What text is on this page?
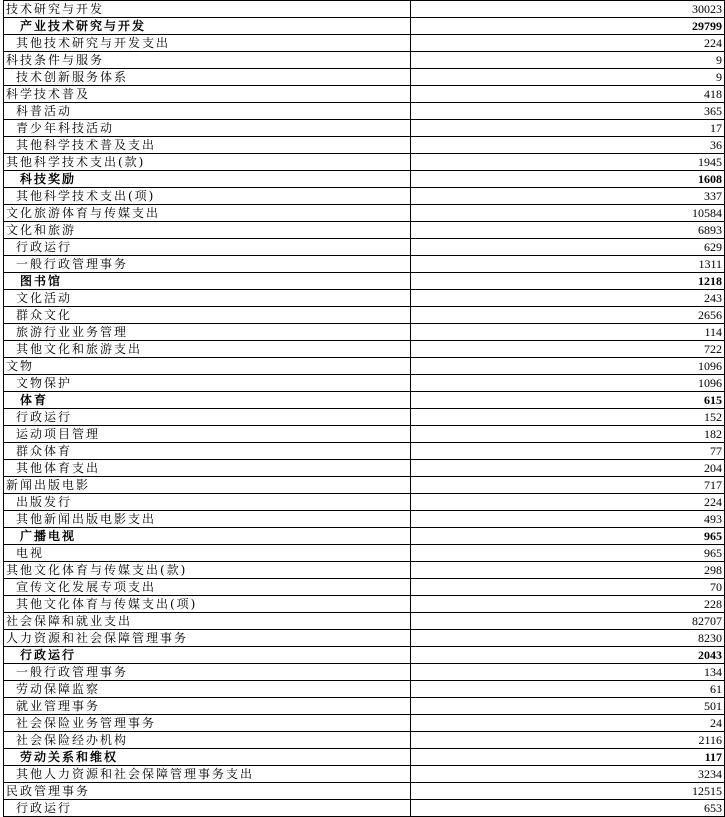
技术研究与开发	30023
产业技术研究与开发	29799
其他技术研究与开发支出	224
科技条件与服务	9
技术创新服务体系	9
科学技术普及	418
科普活动	365
青少年科技活动	17
其他科学技术普及支出	36
其他科学技术支出(款)	1945
科技奖励	1608
其他科学技术支出(项)	337
文化旅游体育与传媒支出	10584
文化和旅游	6893
行政运行	629
一般行政管理事务	1311
图书馆	1218
文化活动	243
群众文化	2656
旅游行业业务管理	114
其他文化和旅游支出	722
文物	1096
文物保护	1096
体育	615
行政运行	152
运动项目管理	182
群众体育	77
其他体育支出	204
新闻出版电影	717
出版发行	224
其他新闻出版电影支出	493
广播电视	965
电视	965
其他文化体育与传媒支出(款)	298
宣传文化发展专项支出	70
其他文化体育与传媒支出(项)	228
社会保障和就业支出	82707
人力资源和社会保障管理事务	8230
行政运行	2043
一般行政管理事务	134
劳动保障监察	61
就业管理事务	501
社会保险业务管理事务	24
社会保险经办机构	2116
劳动关系和维权	117
其他人力资源和社会保障管理事务支出	3234
民政管理事务	12515
行政运行	653
